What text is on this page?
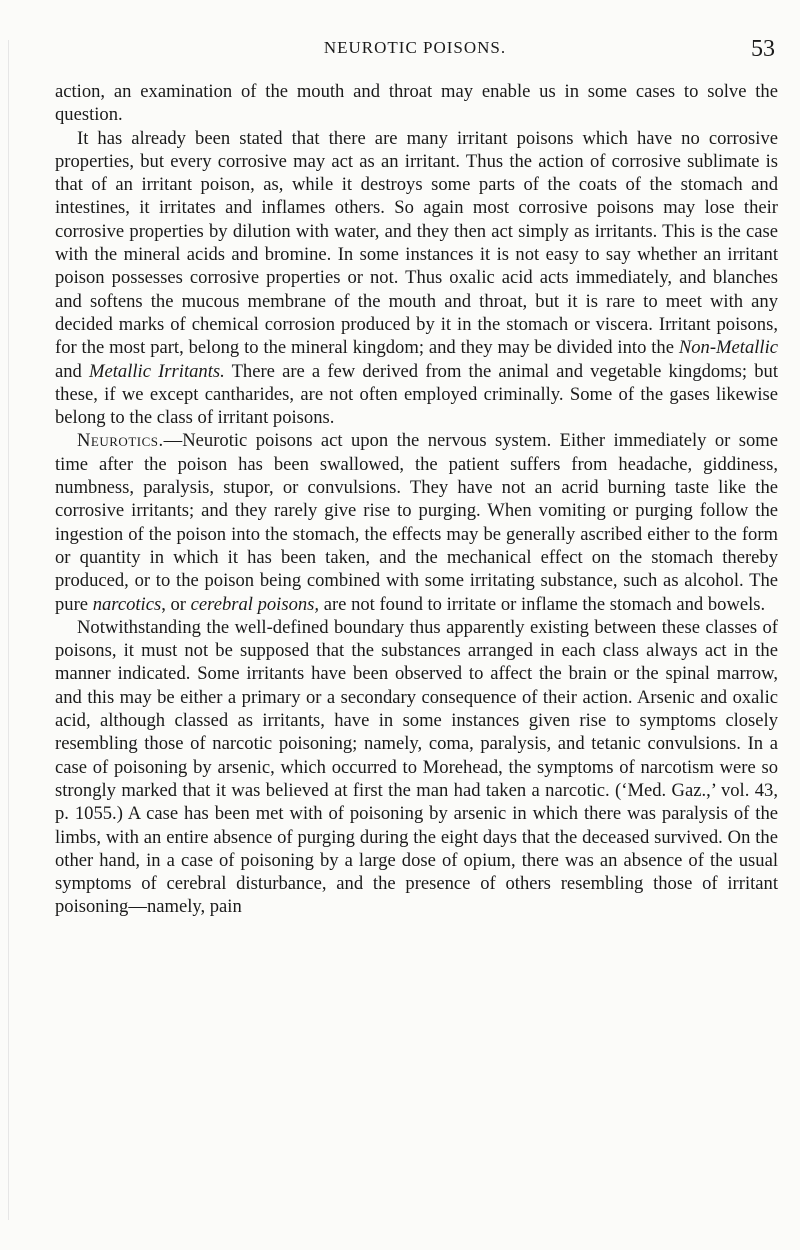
NEUROTIC POISONS.	53

action, an examination of the mouth and throat may enable us in some cases to solve the question.

It has already been stated that there are many irritant poisons which have no corrosive properties, but every corrosive may act as an irritant. Thus the action of corrosive sublimate is that of an irritant poison, as, while it destroys some parts of the coats of the stomach and intestines, it irritates and inflames others. So again most corrosive poisons may lose their corrosive properties by dilution with water, and they then act simply as irritants. This is the case with the mineral acids and bromine. In some instances it is not easy to say whether an irritant poison possesses corrosive properties or not. Thus oxalic acid acts immediately, and blanches and softens the mucous membrane of the mouth and throat, but it is rare to meet with any decided marks of chemical corrosion produced by it in the stomach or viscera. Irritant poisons, for the most part, belong to the mineral kingdom; and they may be divided into the Non-Metallic and Metallic Irritants. There are a few derived from the animal and vegetable kingdoms; but these, if we except cantharides, are not often employed criminally. Some of the gases likewise belong to the class of irritant poisons.

Neurotics.—Neurotic poisons act upon the nervous system. Either immediately or some time after the poison has been swallowed, the patient suffers from headache, giddiness, numbness, paralysis, stupor, or convulsions. They have not an acrid burning taste like the corrosive irritants; and they rarely give rise to purging. When vomiting or purging follow the ingestion of the poison into the stomach, the effects may be generally ascribed either to the form or quantity in which it has been taken, and the mechanical effect on the stomach thereby produced, or to the poison being combined with some irritating substance, such as alcohol. The pure narcotics, or cerebral poisons, are not found to irritate or inflame the stomach and bowels.

Notwithstanding the well-defined boundary thus apparently existing between these classes of poisons, it must not be supposed that the substances arranged in each class always act in the manner indicated. Some irritants have been observed to affect the brain or the spinal marrow, and this may be either a primary or a secondary consequence of their action. Arsenic and oxalic acid, although classed as irritants, have in some instances given rise to symptoms closely resembling those of narcotic poisoning; namely, coma, paralysis, and tetanic convulsions. In a case of poisoning by arsenic, which occurred to Morehead, the symptoms of narcotism were so strongly marked that it was believed at first the man had taken a narcotic. (‘Med. Gaz.,’ vol. 43, p. 1055.) A case has been met with of poisoning by arsenic in which there was paralysis of the limbs, with an entire absence of purging during the eight days that the deceased survived. On the other hand, in a case of poisoning by a large dose of opium, there was an absence of the usual symptoms of cerebral disturbance, and the presence of others resembling those of irritant poisoning—namely, pain
